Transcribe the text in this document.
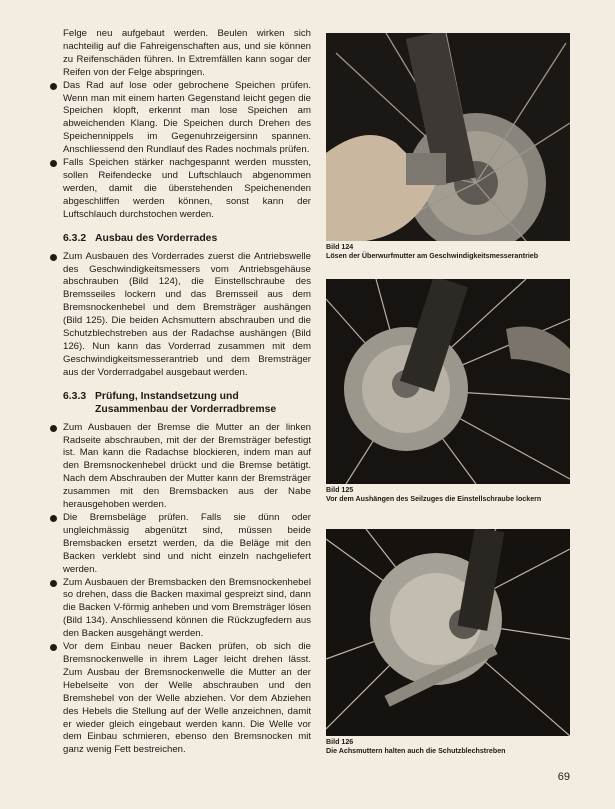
Felge neu aufgebaut werden. Beulen wirken sich nachteilig auf die Fahreigenschaften aus, und sie können zu Reifenschäden führen. In Extremfällen kann sogar der Reifen von der Felge abspringen.

Das Rad auf lose oder gebrochene Speichen prüfen. Wenn man mit einem harten Gegenstand leicht gegen die Speichen klopft, erkennt man lose Speichen am abweichenden Klang. Die Speichen durch Drehen des Speichennippels im Gegenuhrzeigersinn spannen. Anschliessend den Rundlauf des Rades nochmals prüfen.

Falls Speichen stärker nachgespannt werden mussten, sollen Reifendecke und Luftschlauch abgenommen werden, damit die überstehenden Speichenenden abgeschliffen werden können, sonst kann der Luftschlauch durchstochen werden.

6.3.2 Ausbau des Vorderrades

Zum Ausbauen des Vorderrades zuerst die Antriebswelle des Geschwindigkeitsmessers vom Antriebsgehäuse abschrauben (Bild 124), die Einstellschraube des Bremsseiles lockern und das Bremsseil aus dem Bremsnockenhebel und dem Bremsträger aushängen (Bild 125). Die beiden Achsmuttern abschrauben und die Schutzblechstreben aus der Radachse aushängen (Bild 126). Nun kann das Vorderrad zusammen mit dem Geschwindigkeitsmesserantrieb und dem Bremsträger aus der Vorderradgabel ausgebaut werden.

6.3.3 Prüfung, Instandsetzung und Zusammenbau der Vorderradbremse

Zum Ausbauen der Bremse die Mutter an der linken Radseite abschrauben, mit der der Bremsträger befestigt ist. Man kann die Radachse blockieren, indem man auf den Bremsnockenhebel drückt und die Bremse betätigt. Nach dem Abschrauben der Mutter kann der Bremsträger zusammen mit den Bremsbacken aus der Nabe herausgehoben werden.

Die Bremsbeläge prüfen. Falls sie dünn oder ungleichmässig abgenützt sind, müssen beide Bremsbacken ersetzt werden, da die Beläge mit den Backen verklebt sind und nicht einzeln nachgeliefert werden.

Zum Ausbauen der Bremsbacken den Bremsnockenhebel so drehen, dass die Backen maximal gespreizt sind, dann die Backen V-förmig anheben und vom Bremsträger lösen (Bild 134). Anschliessend können die Rückzugfedern aus den Backen ausgehängt werden.

Vor dem Einbau neuer Backen prüfen, ob sich die Bremsnockenwelle in ihrem Lager leicht drehen lässt. Zum Ausbau der Bremsnockenwelle die Mutter an der Hebelseite von der Welle abschrauben und den Bremshebel von der Welle abziehen. Vor dem Abziehen des Hebels die Stellung auf der Welle anzeichnen, damit er wieder gleich eingebaut werden kann. Die Welle vor dem Einbau schmieren, ebenso den Bremsnocken mit ganz wenig Fett bestreichen.

Bild 124
Lösen der Überwurfmutter am Geschwindigkeitsmesserantrieb
Bild 125
Vor dem Aushängen des Seilzuges die Einstellschraube lockern
Bild 126
Die Achsmuttern halten auch die Schutzblechstreben
69
